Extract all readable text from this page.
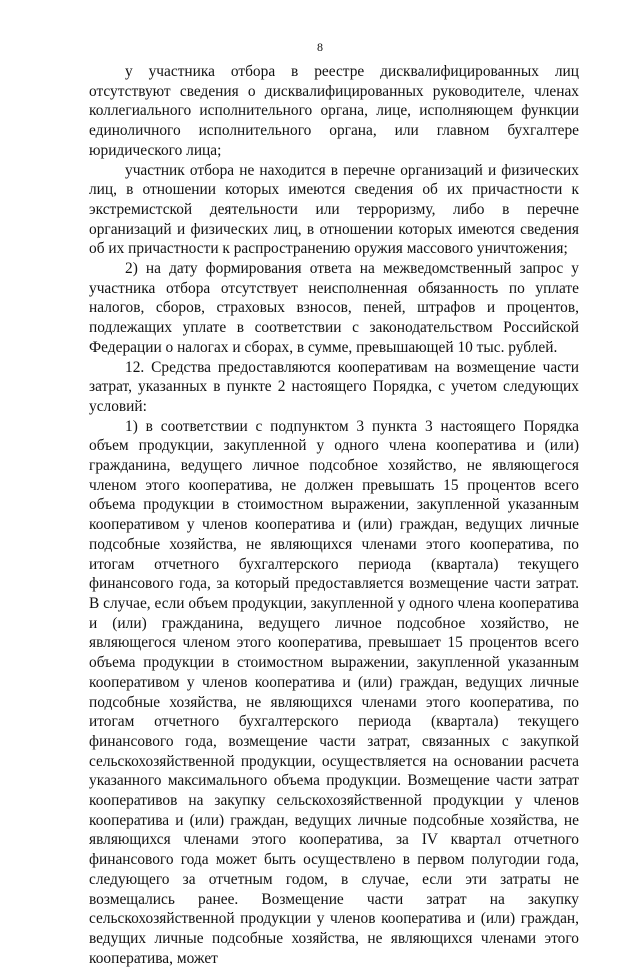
8

у участника отбора в реестре дисквалифицированных лиц отсутствуют сведения о дисквалифицированных руководителе, членах коллегиального исполнительного органа, лице, исполняющем функции единоличного исполнительного органа, или главном бухгалтере юридического лица;

участник отбора не находится в перечне организаций и физических лиц, в отношении которых имеются сведения об их причастности к экстремистской деятельности или терроризму, либо в перечне организаций и физических лиц, в отношении которых имеются сведения об их причастности к распространению оружия массового уничтожения;

2) на дату формирования ответа на межведомственный запрос у участника отбора отсутствует неисполненная обязанность по уплате налогов, сборов, страховых взносов, пеней, штрафов и процентов, подлежащих уплате в соответствии с законодательством Российской Федерации о налогах и сборах, в сумме, превышающей 10 тыс. рублей.

12. Средства предоставляются кооперативам на возмещение части затрат, указанных в пункте 2 настоящего Порядка, с учетом следующих условий:

1) в соответствии с подпунктом 3 пункта 3 настоящего Порядка объем продукции, закупленной у одного члена кооператива и (или) гражданина, ведущего личное подсобное хозяйство, не являющегося членом этого кооператива, не должен превышать 15 процентов всего объема продукции в стоимостном выражении, закупленной указанным кооперативом у членов кооператива и (или) граждан, ведущих личные подсобные хозяйства, не являющихся членами этого кооператива, по итогам отчетного бухгалтерского периода (квартала) текущего финансового года, за который предоставляется возмещение части затрат. В случае, если объем продукции, закупленной у одного члена кооператива и (или) гражданина, ведущего личное подсобное хозяйство, не являющегося членом этого кооператива, превышает 15 процентов всего объема продукции в стоимостном выражении, закупленной указанным кооперативом у членов кооператива и (или) граждан, ведущих личные подсобные хозяйства, не являющихся членами этого кооператива, по итогам отчетного бухгалтерского периода (квартала) текущего финансового года, возмещение части затрат, связанных с закупкой сельскохозяйственной продукции, осуществляется на основании расчета указанного максимального объема продукции. Возмещение части затрат кооперативов на закупку сельскохозяйственной продукции у членов кооператива и (или) граждан, ведущих личные подсобные хозяйства, не являющихся членами этого кооператива, за IV квартал отчетного финансового года может быть осуществлено в первом полугодии года, следующего за отчетным годом, в случае, если эти затраты не возмещались ранее. Возмещение части затрат на закупку сельскохозяйственной продукции у членов кооператива и (или) граждан, ведущих личные подсобные хозяйства, не являющихся членами этого кооператива, может
